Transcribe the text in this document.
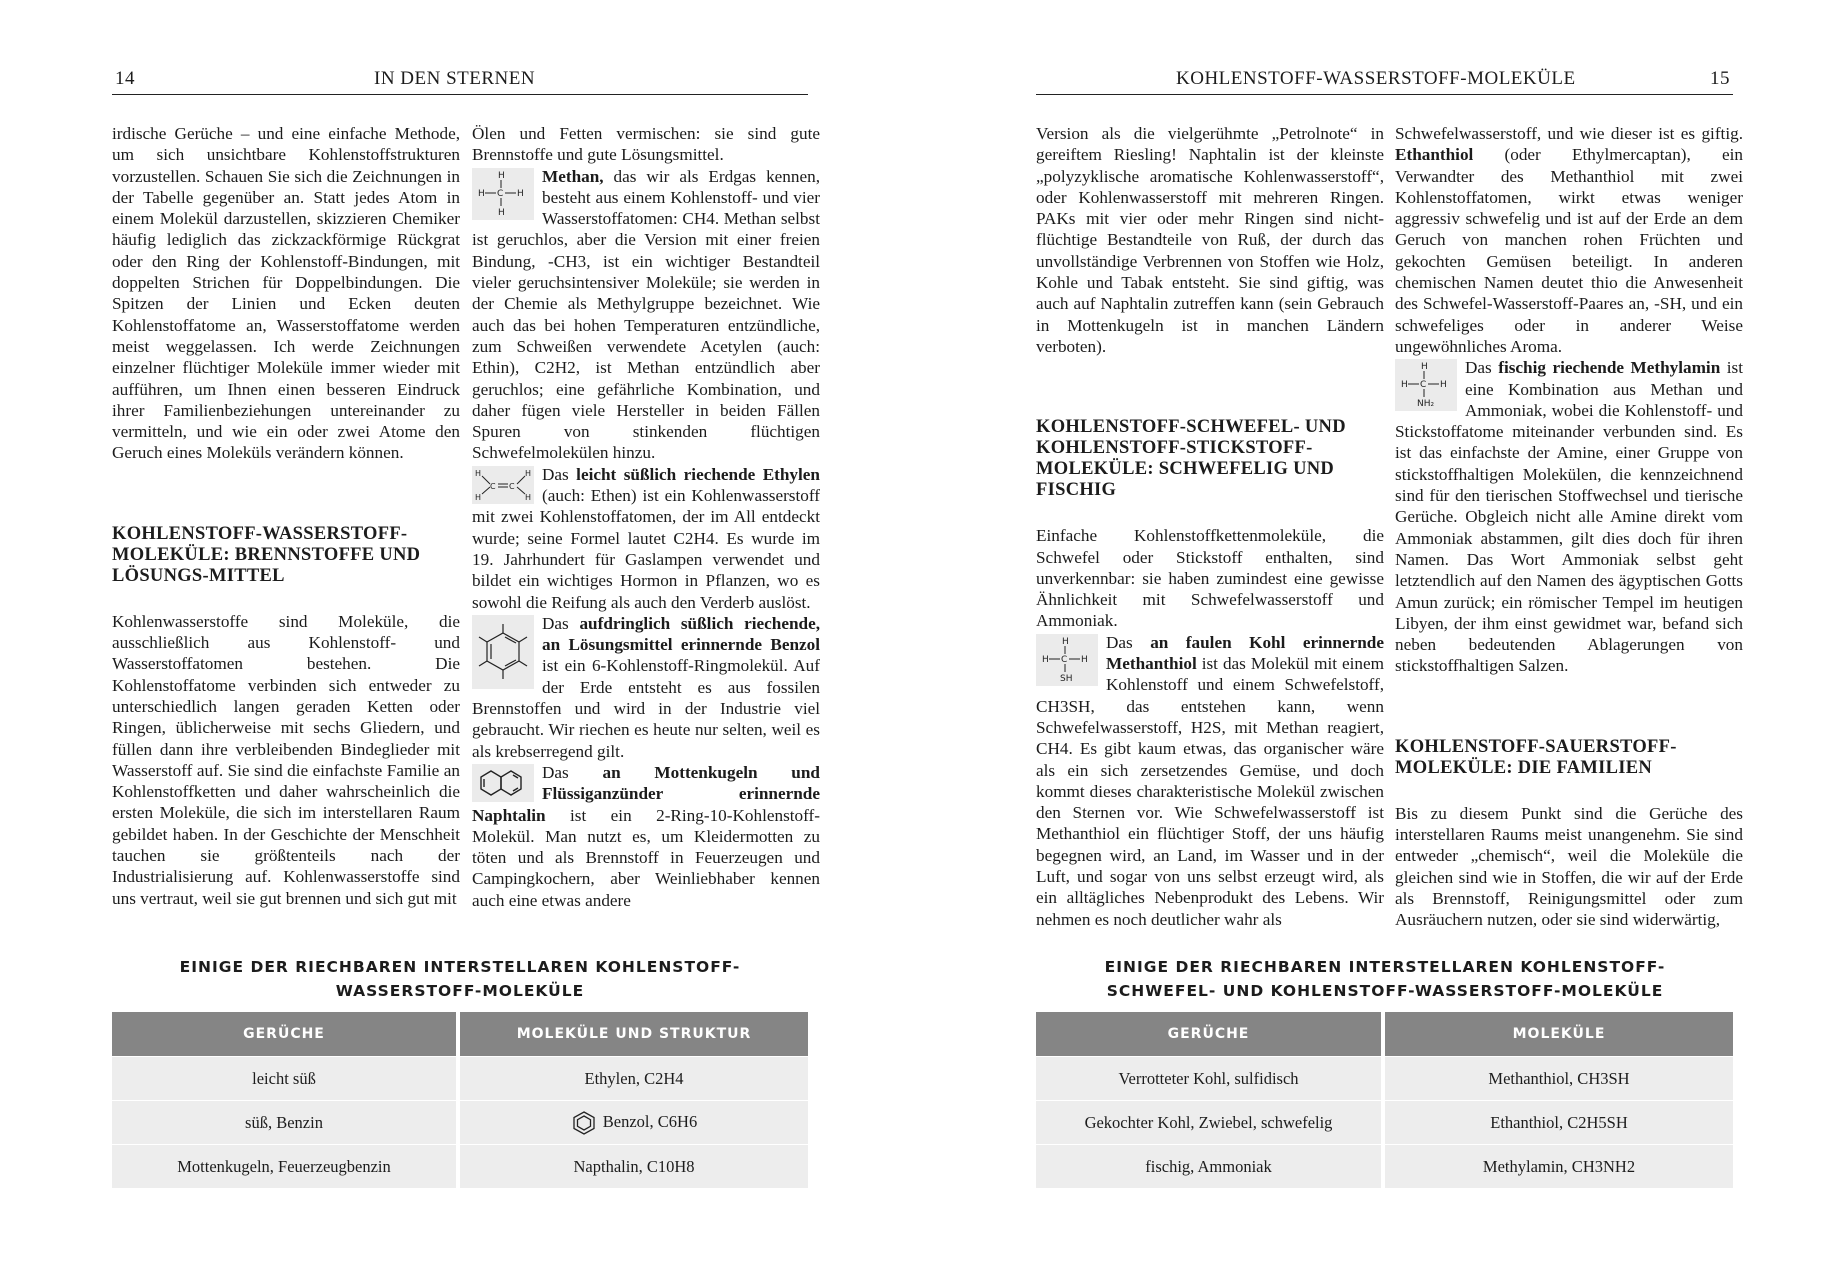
14	IN DEN STERNEN

irdische Gerüche – und eine einfache Methode, um sich unsichtbare Kohlenstoffstrukturen vorzustellen. Schauen Sie sich die Zeichnungen in der Tabelle gegenüber an. Statt jedes Atom in einem Molekül darzustellen, skizzieren Chemiker häufig lediglich das zickzackförmige Rückgrat oder den Ring der Kohlenstoff-Bindungen, mit doppelten Strichen für Doppelbindungen. Die Spitzen der Linien und Ecken deuten Kohlenstoffatome an, Wasserstoffatome werden meist weggelassen. Ich werde Zeichnungen einzelner flüchtiger Moleküle immer wieder mit aufführen, um Ihnen einen besseren Eindruck ihrer Familienbeziehungen untereinander zu vermitteln, und wie ein oder zwei Atome den Geruch eines Moleküls verändern können.

KOHLENSTOFF-WASSERSTOFF-MOLEKÜLE: BRENNSTOFFE UND LÖSUNGS-MITTEL

Kohlenwasserstoffe sind Moleküle, die ausschließlich aus Kohlenstoff- und Wasserstoffatomen bestehen. Die Kohlenstoffatome verbinden sich entweder zu unterschiedlich langen geraden Ketten oder Ringen, üblicherweise mit sechs Gliedern, und füllen dann ihre verbleibenden Bindeglieder mit Wasserstoff auf. Sie sind die einfachste Familie an Kohlenstoffketten und daher wahrscheinlich die ersten Moleküle, die sich im interstellaren Raum gebildet haben. In der Geschichte der Menschheit tauchen sie größtenteils nach der Industrialisierung auf. Kohlenwasserstoffe sind uns vertraut, weil sie gut brennen und sich gut mit

Ölen und Fetten vermischen: sie sind gute Brennstoffe und gute Lösungsmittel.

H
H C H
H
Methan, das wir als Erdgas kennen, besteht aus einem Kohlenstoff- und vier Wasserstoffatomen: CH4. Methan selbst ist geruchlos, aber die Version mit einer freien Bindung, -CH3, ist ein wichtiger Bestandteil vieler geruchsintensiver Moleküle; sie werden in der Chemie als Methylgruppe bezeichnet. Wie auch das bei hohen Temperaturen entzündliche, zum Schweißen verwendete Acetylen (auch: Ethin), C2H2, ist Methan entzündlich aber geruchlos; eine gefährliche Kombination, und daher fügen viele Hersteller in beiden Fällen Spuren von stinkenden flüchtigen Schwefelmolekülen hinzu.

H
H
C C
H
H
Das leicht süßlich riechende Ethylen (auch: Ethen) ist ein Kohlenwasserstoff mit zwei Kohlenstoffatomen, der im All entdeckt wurde; seine Formel lautet C2H4. Es wurde im 19. Jahrhundert für Gaslampen verwendet und bildet ein wichtiges Hormon in Pflanzen, wo es sowohl die Reifung als auch den Verderb auslöst.

Das aufdringlich süßlich riechende, an Lösungsmittel erinnernde Benzol ist ein 6-Kohlenstoff-Ringmolekül. Auf der Erde entsteht es aus fossilen Brennstoffen und wird in der Industrie viel gebraucht. Wir riechen es heute nur selten, weil es als krebserregend gilt.

Das an Mottenkugeln und Flüssiganzünder erinnernde Naphtalin ist ein 2-Ring-10-Kohlenstoff-Molekül. Man nutzt es, um Kleidermotten zu töten und als Brennstoff in Feuerzeugen und Campingkochern, aber Weinliebhaber kennen auch eine etwas andere

EINIGE DER RIECHBAREN INTERSTELLAREN KOHLENSTOFF-
WASSERSTOFF-MOLEKÜLE
GERÜCHE	MOLEKÜLE UND STRUKTUR
leicht süß	Ethylen, C2H4
süß, Benzin	Benzol, C6H6
Mottenkugeln, Feuerzeugbenzin	Napthalin, C10H8
KOHLENSTOFF-WASSERSTOFF-MOLEKÜLE	15

Version als die vielgerühmte „Petrolnote“ in gereiftem Riesling! Naphtalin ist der kleinste „polyzyklische aromatische Kohlenwasserstoff“, oder Kohlenwasserstoff mit mehreren Ringen. PAKs mit vier oder mehr Ringen sind nicht-flüchtige Bestandteile von Ruß, der durch das unvollständige Verbrennen von Stoffen wie Holz, Kohle und Tabak entsteht. Sie sind giftig, was auch auf Naphtalin zutreffen kann (sein Gebrauch in Mottenkugeln ist in manchen Ländern verboten).

KOHLENSTOFF-SCHWEFEL- UND KOHLENSTOFF-STICKSTOFF-MOLEKÜLE: SCHWEFELIG UND FISCHIG

Einfache Kohlenstoffkettenmoleküle, die Schwefel oder Stickstoff enthalten, sind unverkennbar: sie haben zumindest eine gewisse Ähnlichkeit mit Schwefelwasserstoff und Ammoniak.

H
H C H
SH
Das an faulen Kohl erinnernde Methanthiol ist das Molekül mit einem Kohlenstoff und einem Schwefelstoff, CH3SH, das entstehen kann, wenn Schwefelwasserstoff, H2S, mit Methan reagiert, CH4. Es gibt kaum etwas, das organischer wäre als ein sich zersetzendes Gemüse, und doch kommt dieses charakteristische Molekül zwischen den Sternen vor. Wie Schwefelwasserstoff ist Methanthiol ein flüchtiger Stoff, der uns häufig begegnen wird, an Land, im Wasser und in der Luft, und sogar von uns selbst erzeugt wird, als ein alltägliches Nebenprodukt des Lebens. Wir nehmen es noch deutlicher wahr als

Schwefelwasserstoff, und wie dieser ist es giftig. Ethanthiol (oder Ethylmercaptan), ein Verwandter des Methanthiol mit zwei Kohlenstoffatomen, wirkt etwas weniger aggressiv schwefelig und ist auf der Erde an dem Geruch von manchen rohen Früchten und gekochten Gemüsen beteiligt. In anderen chemischen Namen deutet thio die Anwesenheit des Schwefel-Wasserstoff-Paares an, -SH, und ein schwefeliges oder in anderer Weise ungewöhnliches Aroma.

H
H C H
NH₂
Das fischig riechende Methylamin ist eine Kombination aus Methan und Ammoniak, wobei die Kohlenstoff- und Stickstoffatome miteinander verbunden sind. Es ist das einfachste der Amine, einer Gruppe von stickstoffhaltigen Molekülen, die kennzeichnend sind für den tierischen Stoffwechsel und tierische Gerüche. Obgleich nicht alle Amine direkt vom Ammoniak abstammen, gilt dies doch für ihren Namen. Das Wort Ammoniak selbst geht letztendlich auf den Namen des ägyptischen Gotts Amun zurück; ein römischer Tempel im heutigen Libyen, der ihm einst gewidmet war, befand sich neben bedeutenden Ablagerungen von stickstoffhaltigen Salzen.

KOHLENSTOFF-SAUERSTOFF-MOLEKÜLE: DIE FAMILIEN

Bis zu diesem Punkt sind die Gerüche des interstellaren Raums meist unangenehm. Sie sind entweder „chemisch“, weil die Moleküle die gleichen sind wie in Stoffen, die wir auf der Erde als Brennstoff, Reinigungsmittel oder zum Ausräuchern nutzen, oder sie sind widerwärtig,

EINIGE DER RIECHBAREN INTERSTELLAREN KOHLENSTOFF-
SCHWEFEL- UND KOHLENSTOFF-WASSERSTOFF-MOLEKÜLE
GERÜCHE	MOLEKÜLE
Verrotteter Kohl, sulfidisch	Methanthiol, CH3SH
Gekochter Kohl, Zwiebel, schwefelig	Ethanthiol, C2H5SH
fischig, Ammoniak	Methylamin, CH3NH2
